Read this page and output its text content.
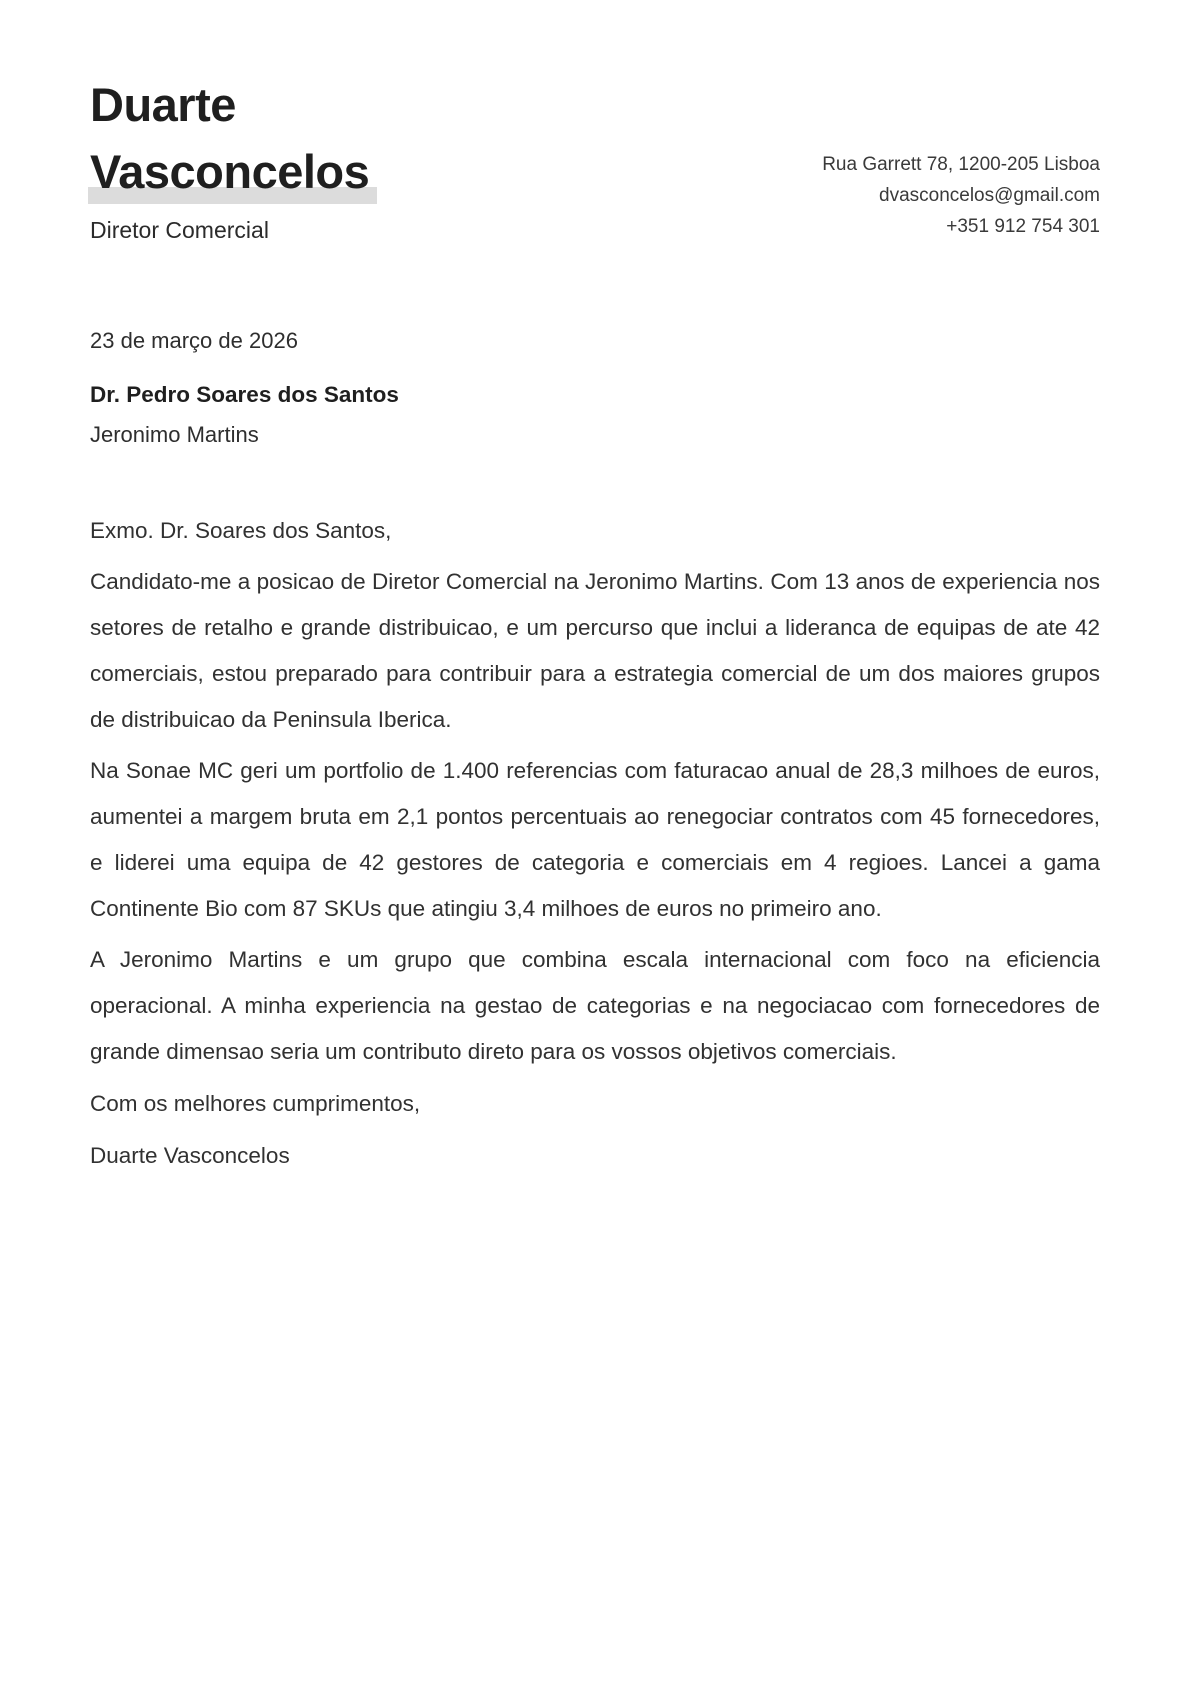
Duarte
Vasconcelos
Diretor Comercial
Rua Garrett 78, 1200-205 Lisboa
dvasconcelos@gmail.com
+351 912 754 301
23 de março de 2026
Dr. Pedro Soares dos Santos
Jeronimo Martins

Exmo. Dr. Soares dos Santos,

Candidato-me a posicao de Diretor Comercial na Jeronimo Martins. Com 13 anos de experiencia nos setores de retalho e grande distribuicao, e um percurso que inclui a lideranca de equipas de ate 42 comerciais, estou preparado para contribuir para a estrategia comercial de um dos maiores grupos de distribuicao da Peninsula Iberica.

Na Sonae MC geri um portfolio de 1.400 referencias com faturacao anual de 28,3 milhoes de euros, aumentei a margem bruta em 2,1 pontos percentuais ao renegociar contratos com 45 fornecedores, e liderei uma equipa de 42 gestores de categoria e comerciais em 4 regioes. Lancei a gama Continente Bio com 87 SKUs que atingiu 3,4 milhoes de euros no primeiro ano.

A Jeronimo Martins e um grupo que combina escala internacional com foco na eficiencia operacional. A minha experiencia na gestao de categorias e na negociacao com fornecedores de grande dimensao seria um contributo direto para os vossos objetivos comerciais.

Com os melhores cumprimentos,

Duarte Vasconcelos
